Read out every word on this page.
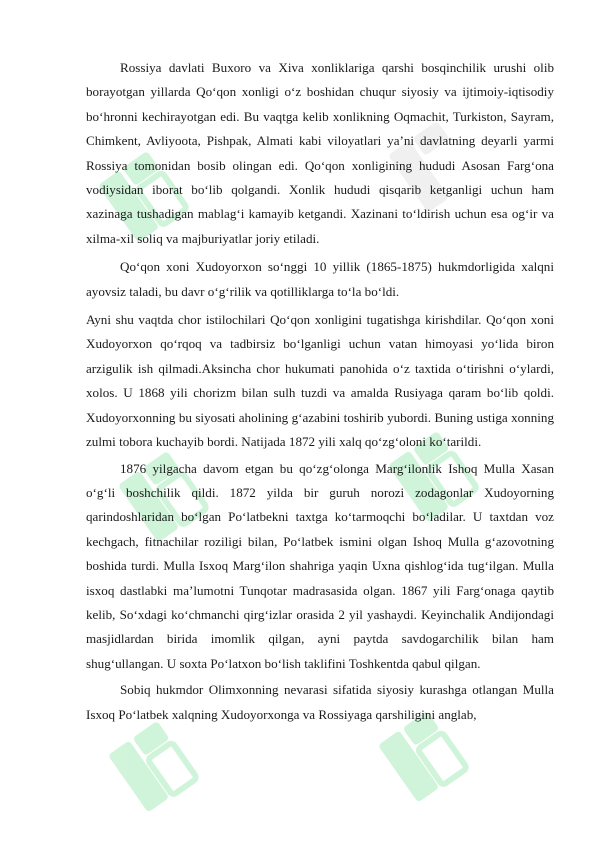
Rossiya davlati Buxoro va Xiva xonliklariga qarshi bosqinchilik urushi olib borayotgan yillarda Qo‘qon xonligi o‘z boshidan chuqur siyosiy va ijtimoiy-iqtisodiy bo‘hronni kechirayotgan edi. Bu vaqtga kelib xonlikning Oqmachit, Turkiston, Sayram, Chimkent, Avliyoota, Pishpak, Almati kabi viloyatlari ya’ni davlatning deyarli yarmi Rossiya tomonidan bosib olingan edi. Qo‘qon xonligining hududi Asosan Farg‘ona vodiysidan iborat bo‘lib qolgandi. Xonlik hududi qisqarib ketganligi uchun ham xazinaga tushadigan mablag‘i kamayib ketgandi. Xazinani to‘ldirish uchun esa og‘ir va xilma-xil soliq va majburiyatlar joriy etiladi.

Qo‘qon xoni Xudoyorxon so‘nggi 10 yillik (1865-1875) hukmdorligida xalqni ayovsiz taladi, bu davr o‘g‘rilik va qotilliklarga to‘la bo‘ldi.

Ayni shu vaqtda chor istilochilari Qo‘qon xonligini tugatishga kirishdilar. Qo‘qon xoni Xudoyorxon qo‘rqoq va tadbirsiz bo‘lganligi uchun vatan himoyasi yo‘lida biron arzigulik ish qilmadi.Aksincha chor hukumati panohida o‘z taxtida o‘tirishni o‘ylardi, xolos. U 1868 yili chorizm bilan sulh tuzdi va amalda Rusiyaga qaram bo‘lib qoldi. Xudoyorxonning bu siyosati aholining g‘azabini toshirib yubordi. Buning ustiga xonning zulmi tobora kuchayib bordi. Natijada 1872 yili xalq qo‘zg‘oloni ko‘tarildi.

1876 yilgacha davom etgan bu qo‘zg‘olonga Marg‘ilonlik Ishoq Mulla Xasan o‘g‘li boshchilik qildi. 1872 yilda bir guruh norozi zodagonlar Xudoyorning qarindoshlaridan bo‘lgan Po‘latbekni taxtga ko‘tarmoqchi bo‘ladilar. U taxtdan voz kechgach, fitnachilar roziligi bilan, Po‘latbek ismini olgan Ishoq Mulla g‘azovotning boshida turdi. Mulla Isxoq Marg‘ilon shahriga yaqin Uxna qishlog‘ida tug‘ilgan. Mulla isxoq dastlabki ma’lumotni Tunqotar madrasasida olgan. 1867 yili Farg‘onaga qaytib kelib, So‘xdagi ko‘chmanchi qirg‘izlar orasida 2 yil yashaydi. Keyinchalik Andijondagi masjidlardan birida imomlik qilgan, ayni paytda savdogarchilik bilan ham shug‘ullangan. U soxta Po‘latxon bo‘lish taklifini Toshkentda qabul qilgan.

Sobiq hukmdor Olimxonning nevarasi sifatida siyosiy kurashga otlangan Mulla Isxoq Po‘latbek xalqning Xudoyorxonga va Rossiyaga qarshiligini anglab,
